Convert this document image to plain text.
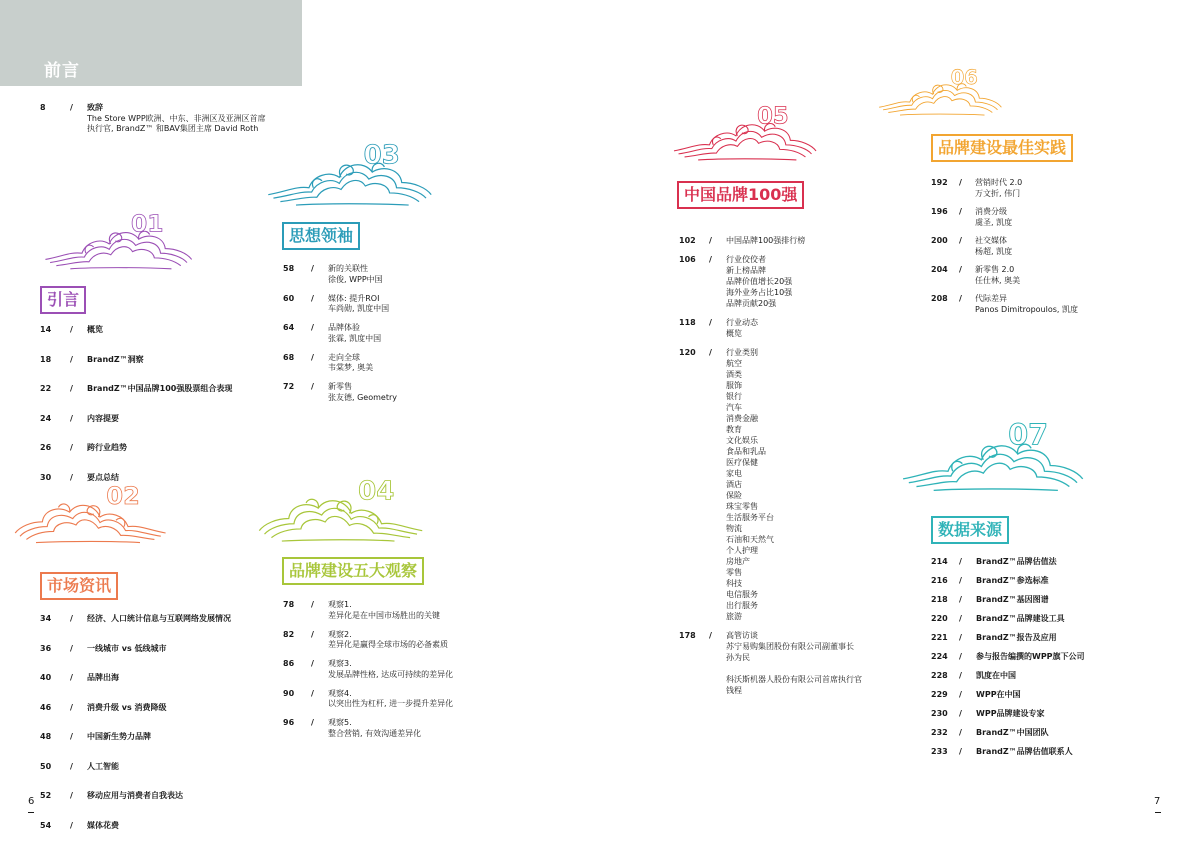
前言
8	/ 致辞
The Store WPP欧洲、中东、非洲区及亚洲区首席
执行官, BrandZ™ 和BAV集团主席 David Roth
01
引言
02
市场资讯
03
思想领袖
04
品牌建设五大观察
05
中国品牌100强
06
品牌建设最佳实践
07
数据来源
14 / 概览
18 / BrandZ™洞察
22 / BrandZ™中国品牌100强股票组合表现
24 / 内容提要
26 / 跨行业趋势
30 / 要点总结
34 / 经济、人口统计信息与互联网络发展情况
36 / 一线城市 vs 低线城市
40 / 品牌出海
46 / 消费升级 vs 消费降级
48 / 中国新生势力品牌
50 / 人工智能
52 / 移动应用与消费者自我表达
54 / 媒体花费
58 / 新的关联性
徐俊, WPP中国
60 / 媒体: 提升ROI
车尚勋, 凯度中国
64 / 品牌体验
张霖, 凯度中国
68 / 走向全球
韦棠梦, 奥美
72 / 新零售
张友德, Geometry
78 / 观察1.
差异化是在中国市场胜出的关键
82 / 观察2.
差异化是赢得全球市场的必备素质
86 / 观察3.
发展品牌性格, 达成可持续的差异化
90 / 观察4.
以突出性为杠杆, 进一步提升差异化
96 / 观察5.
整合营销, 有效沟通差异化
102 / 中国品牌100强排行榜
106 / 行业佼佼者
新上榜品牌
品牌价值增长20强
海外业务占比10强
品牌贡献20强
118 / 行业动态
概览
120 / 行业类别
航空
酒类
服饰
银行
汽车
消费金融
教育
文化娱乐
食品和乳品
医疗保健
家电
酒店
保险
珠宝零售
生活服务平台
物流
石油和天然气
个人护理
房地产
零售
科技
电信服务
出行服务
旅游
178 / 高管访谈
苏宁易购集团股份有限公司副董事长
孙为民
科沃斯机器人股份有限公司首席执行官
钱程
192 / 营销时代 2.0
万文折, 伟门
196 / 消费分级
虞圣, 凯度
200 / 社交媒体
杨超, 凯度
204 / 新零售 2.0
任仕林, 奥美
208 / 代际差异
Panos Dimitropoulos, 凯度
214 / BrandZ™品牌估值法
216 / BrandZ™参选标准
218 / BrandZ™基因图谱
220 / BrandZ™品牌建设工具
221 / BrandZ™报告及应用
224 / 参与报告编撰的WPP旗下公司
228 / 凯度在中国
229 / WPP在中国
230 / WPP品牌建设专家
232 / BrandZ™中国团队
233 / BrandZ™品牌估值联系人
6	7
